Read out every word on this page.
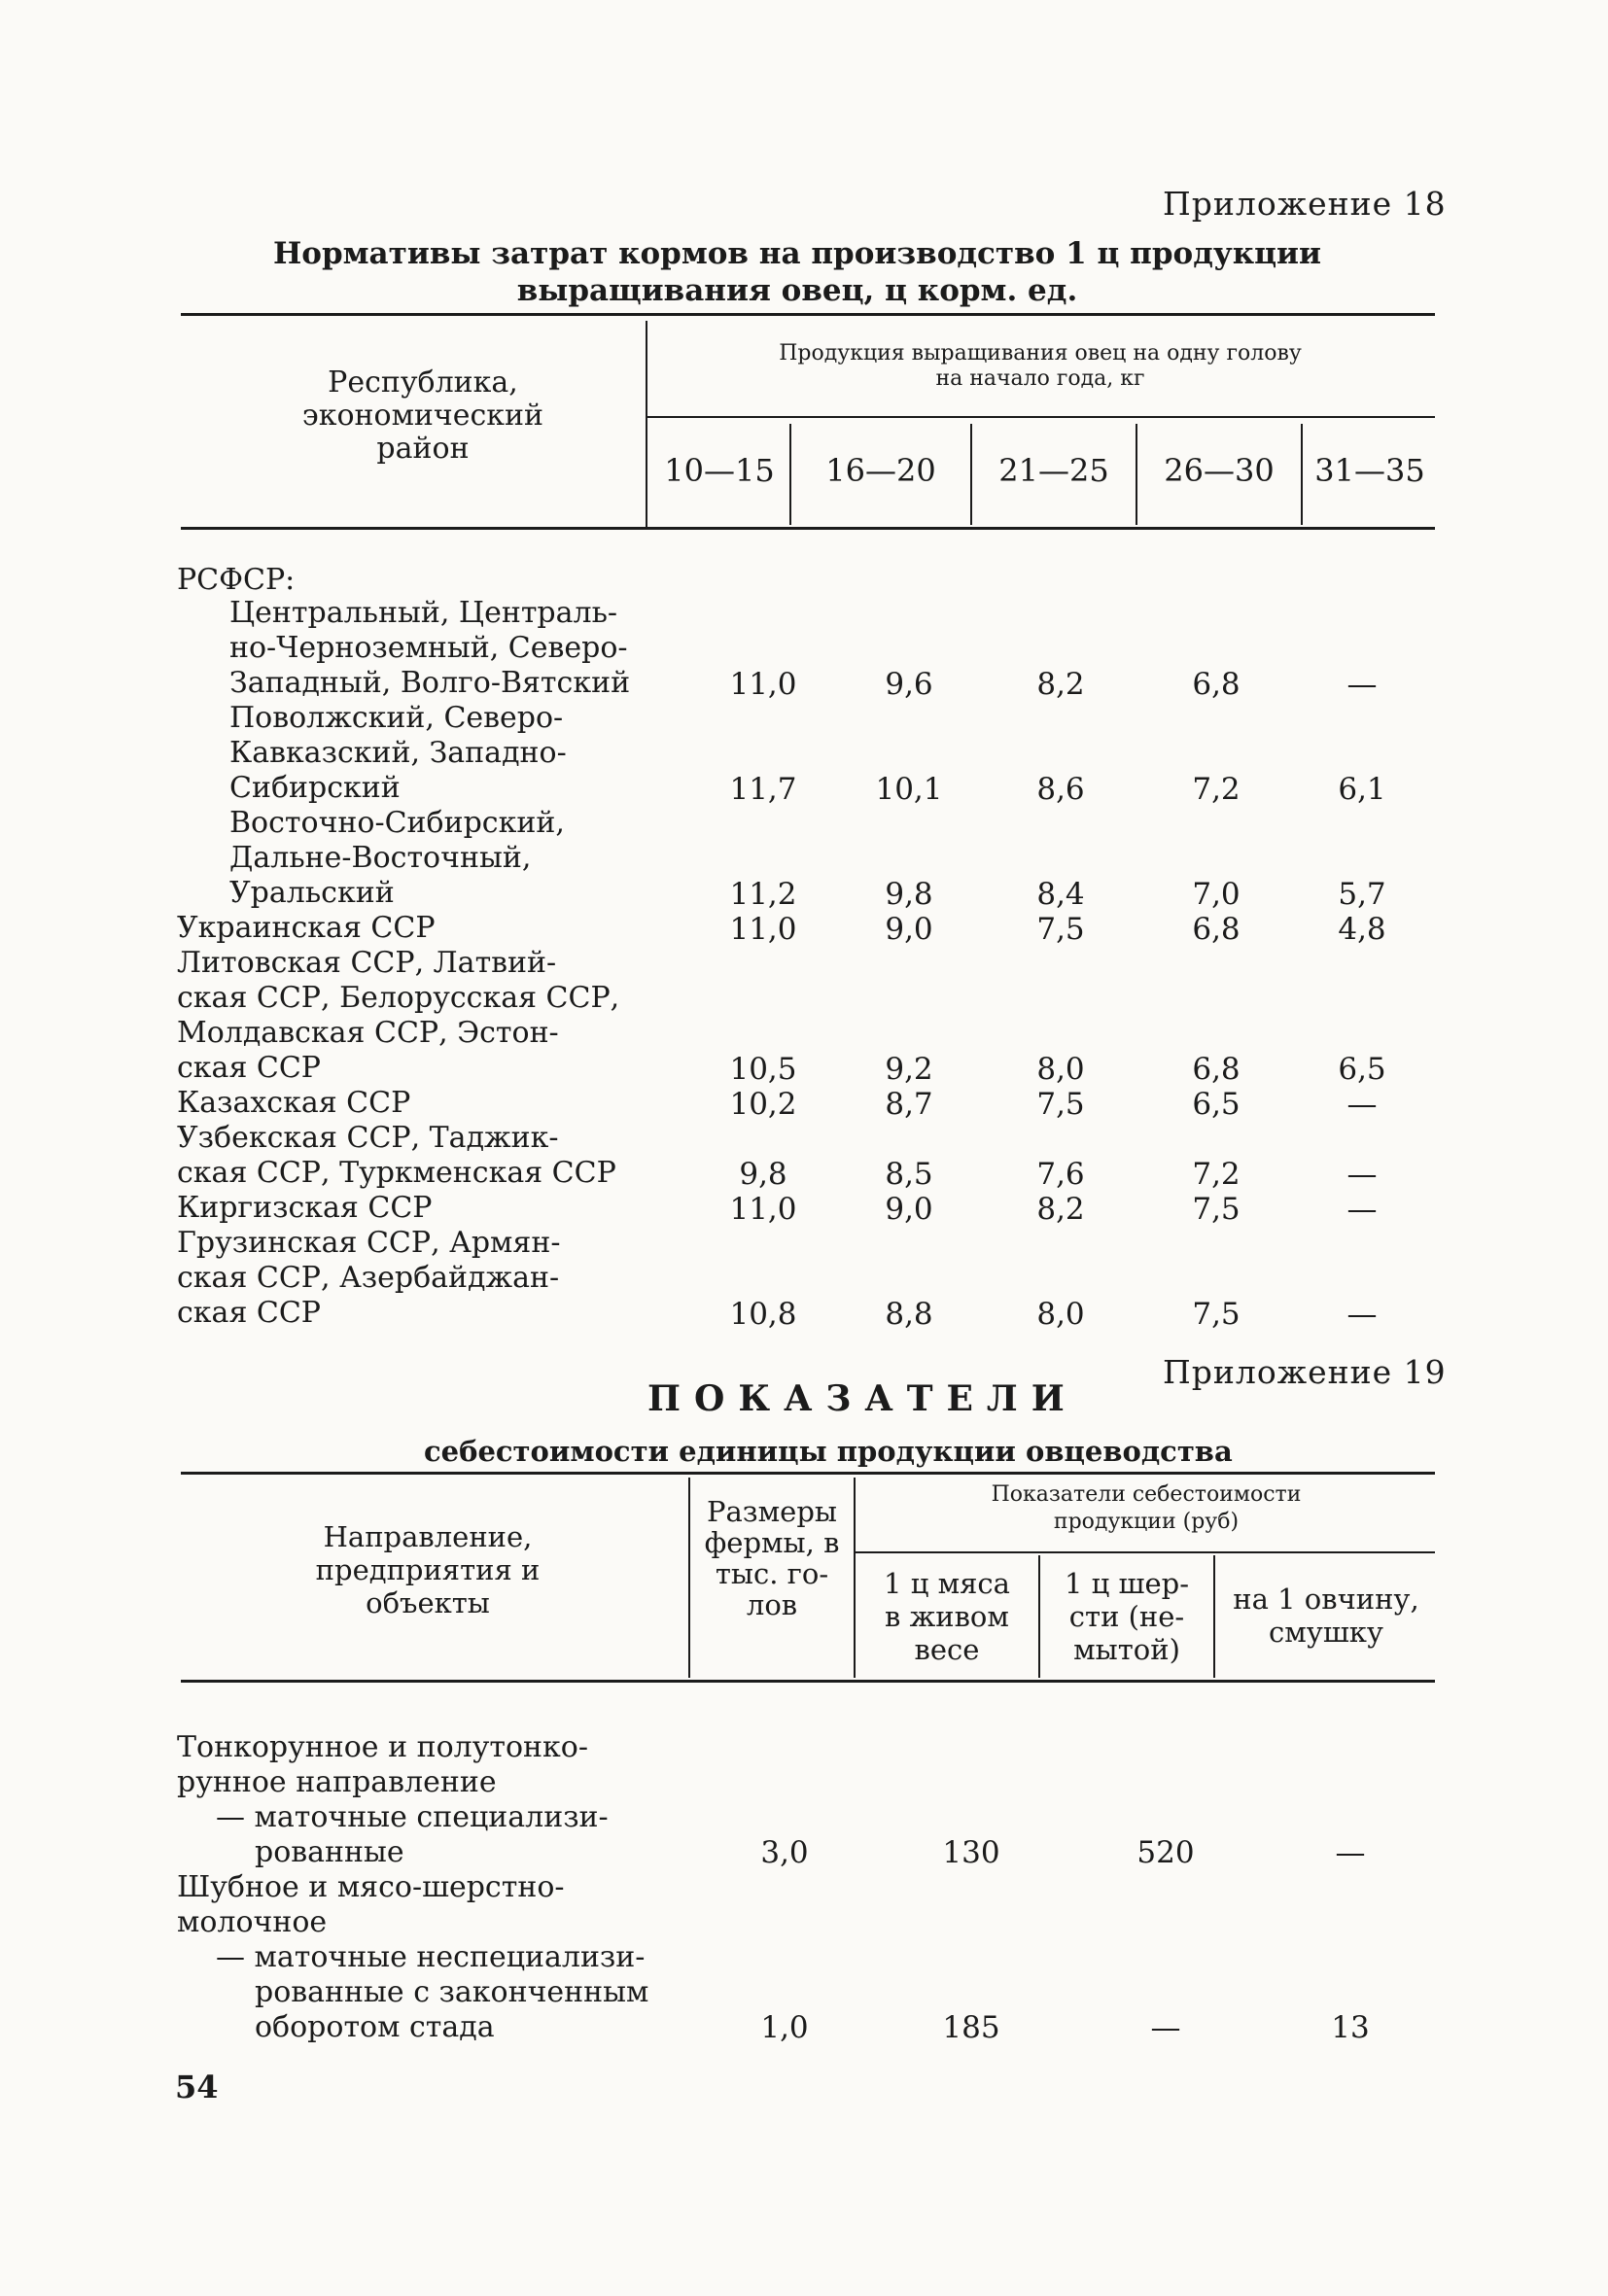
Приложение 18
Нормативы затрат кормов на производство 1 ц продукции
выращивания овец, ц корм. ед.
Республика,
экономический
район
Продукция выращивания овец на одну голову
на начало года, кг
10—15	16—20	21—25	26—30	31—35
РСФСР:
Центральный, Централь-
но-Черноземный, Северо-
Западный, Волго-Вятский	11,0	9,6	8,2	6,8	—
Поволжский, Северо-
Кавказский, Западно-
Сибирский	11,7	10,1	8,6	7,2	6,1
Восточно-Сибирский,
Дальне-Восточный,
Уральский	11,2	9,8	8,4	7,0	5,7
Украинская ССР	11,0	9,0	7,5	6,8	4,8
Литовская ССР, Латвий-
ская ССР, Белорусская ССР,
Молдавская ССР, Эстон-
ская ССР	10,5	9,2	8,0	6,8	6,5
Казахская ССР	10,2	8,7	7,5	6,5	—
Узбекская ССР, Таджик-
ская ССР, Туркменская ССР	9,8	8,5	7,6	7,2	—
Киргизская ССР	11,0	9,0	8,2	7,5	—
Грузинская ССР, Армян-
ская ССР, Азербайджан-
ская ССР	10,8	8,8	8,0	7,5	—
Приложение 19
ПОКАЗАТЕЛИ
себестоимости единицы продукции овцеводства
Направление,
предприятия и
объекты
Размеры
фермы, в
тыс. го-
лов
Показатели себестоимости
продукции (руб)
1 ц мяса
в живом
весе
1 ц шер-
сти (не-
мытой)
на 1 овчину,
смушку
Тонкорунное и полутонко-
рунное направление
— маточные специализи-
рованные	3,0	130	520	—
Шубное и мясо-шерстно-
молочное
— маточные неспециализи-
рованные с законченным
оборотом стада	1,0	185	—	13
54
